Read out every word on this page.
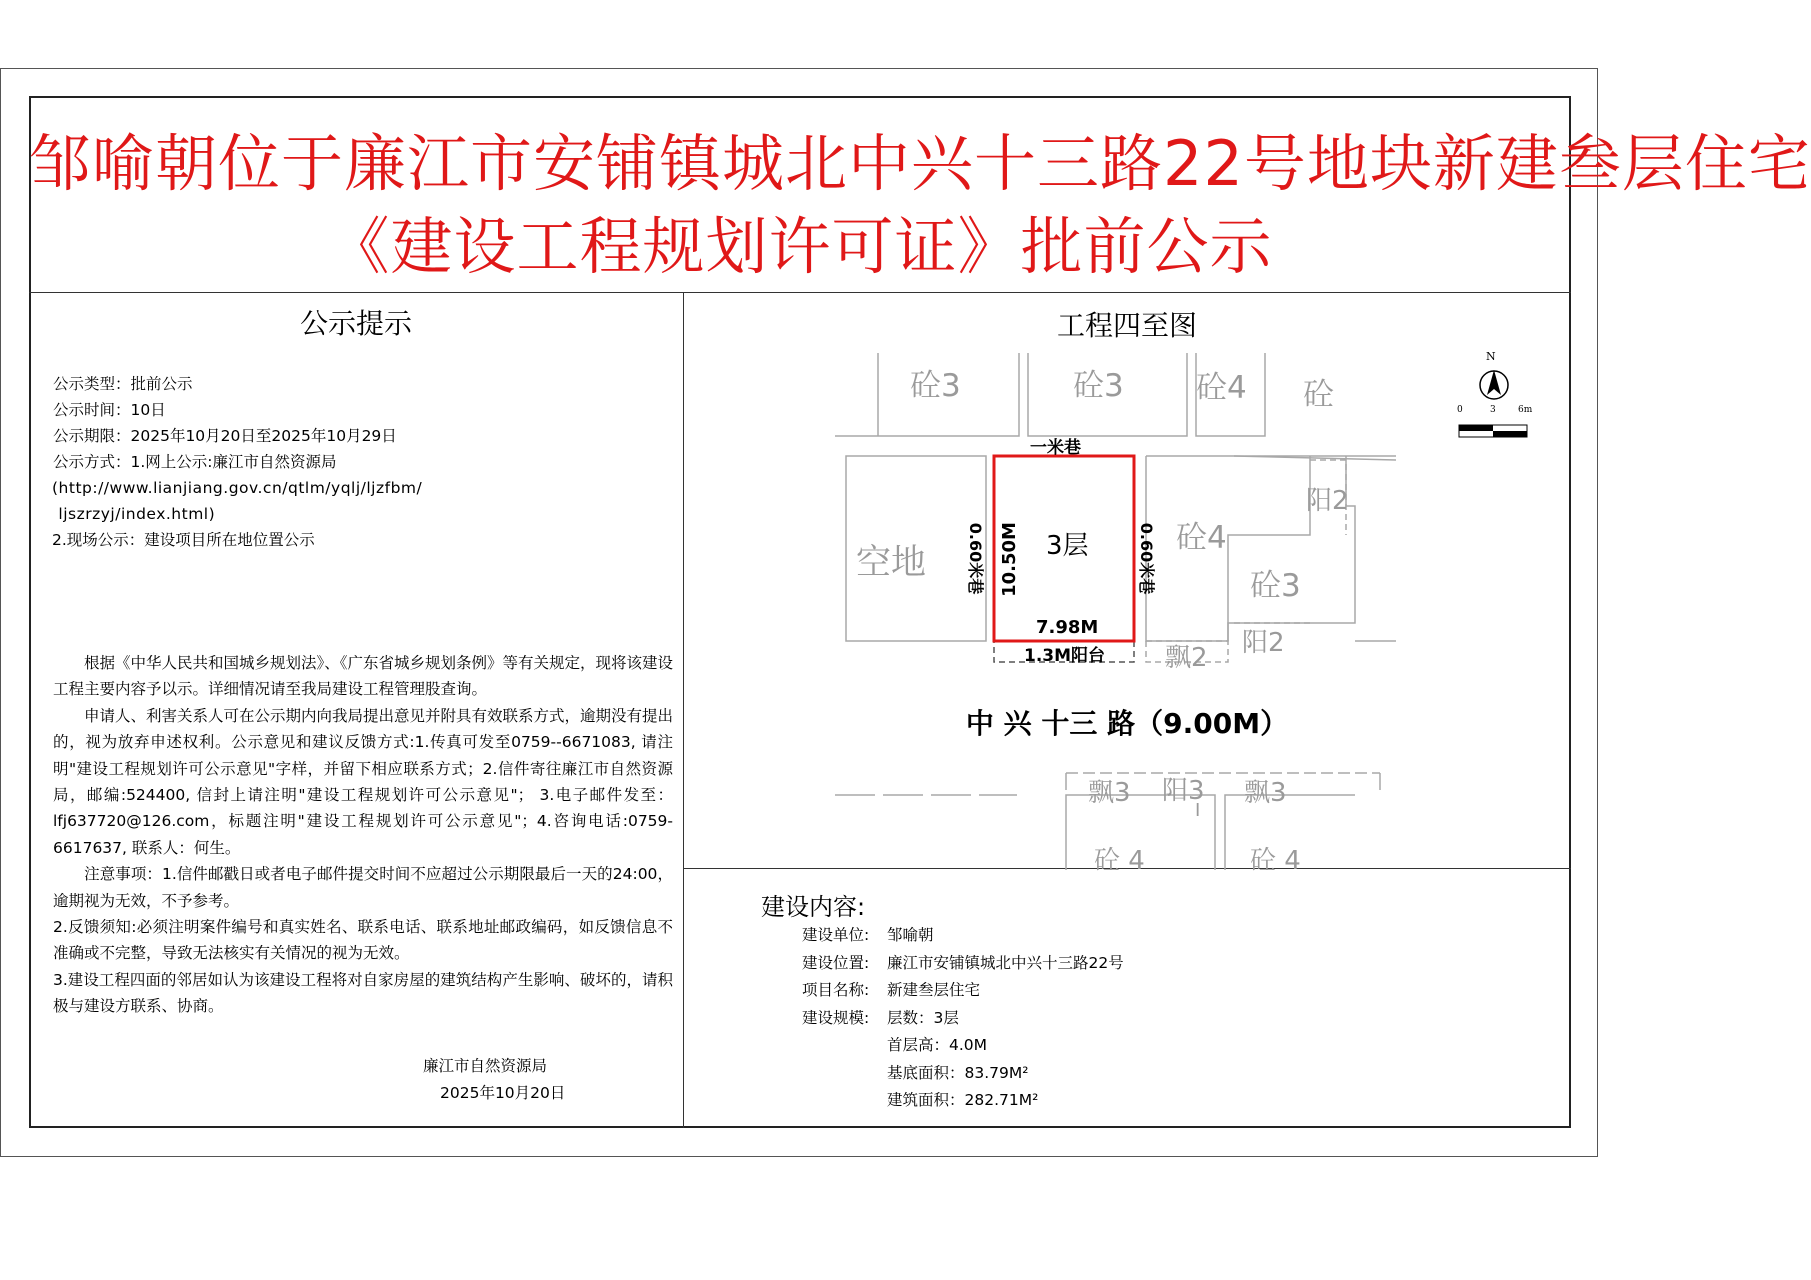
邹喻朝位于廉江市安铺镇城北中兴十三路22号地块新建叁层住宅
《建设工程规划许可证》批前公示
公示提示
公示类型：批前公示
公示时间：10日
公示期限：2025年10月20日至2025年10月29日
公示方式：1.网上公示:廉江市自然资源局
(http://www.lianjiang.gov.cn/qtlm/yqlj/ljzfbm/
ljszrzyj/index.html)
2.现场公示：建设项目所在地位置公示
　　根据《中华人民共和国城乡规划法》、《广东省城乡规划条例》等有关规定，现将该建设工程主要内容予以示。详细情况请至我局建设工程管理股查询。
　　申请人、利害关系人可在公示期内向我局提出意见并附具有效联系方式，逾期没有提出的，视为放弃申述权利。公示意见和建议反馈方式:1.传真可发至0759--6671083, 请注明"建设工程规划许可公示意见"字样，并留下相应联系方式；2.信件寄往廉江市自然资源局，邮编:524400, 信封上请注明"建设工程规划许可公示意见"； 3.电子邮件发至：lfj637720@126.com，标题注明"建设工程规划许可公示意见"；4.咨询电话:0759-6617637, 联系人：何生。
　　注意事项：1.信件邮戳日或者电子邮件提交时间不应超过公示期限最后一天的24:00，逾期视为无效，不予参考。
2.反馈须知:必须注明案件编号和真实姓名、联系电话、联系地址邮政编码，如反馈信息不准确或不完整，导致无法核实有关情况的视为无效。
3.建设工程四面的邻居如认为该建设工程将对自家房屋的建筑结构产生影响、破坏的，请积极与建设方联系、协商。
廉江市自然资源局
2025年10月20日
工程四至图
N
0	3 6m
砼3	砼3 砼4 砼
一米巷
3层
10.50M
7.98M
0.60米巷	0.60米巷
1.3M阳台
空地
阳2
砼4
砼3
阳2
飘2
中 兴 十三 路（9.00M）
飘3 阳3 飘3
I
砼 4	砼 4
建设内容:
建设单位: 邹喻朝
建设位置: 廉江市安铺镇城北中兴十三路22号
项目名称: 新建叁层住宅
建设规模: 层数：3层
首层高：4.0M
基底面积：83.79M²
建筑面积：282.71M²
